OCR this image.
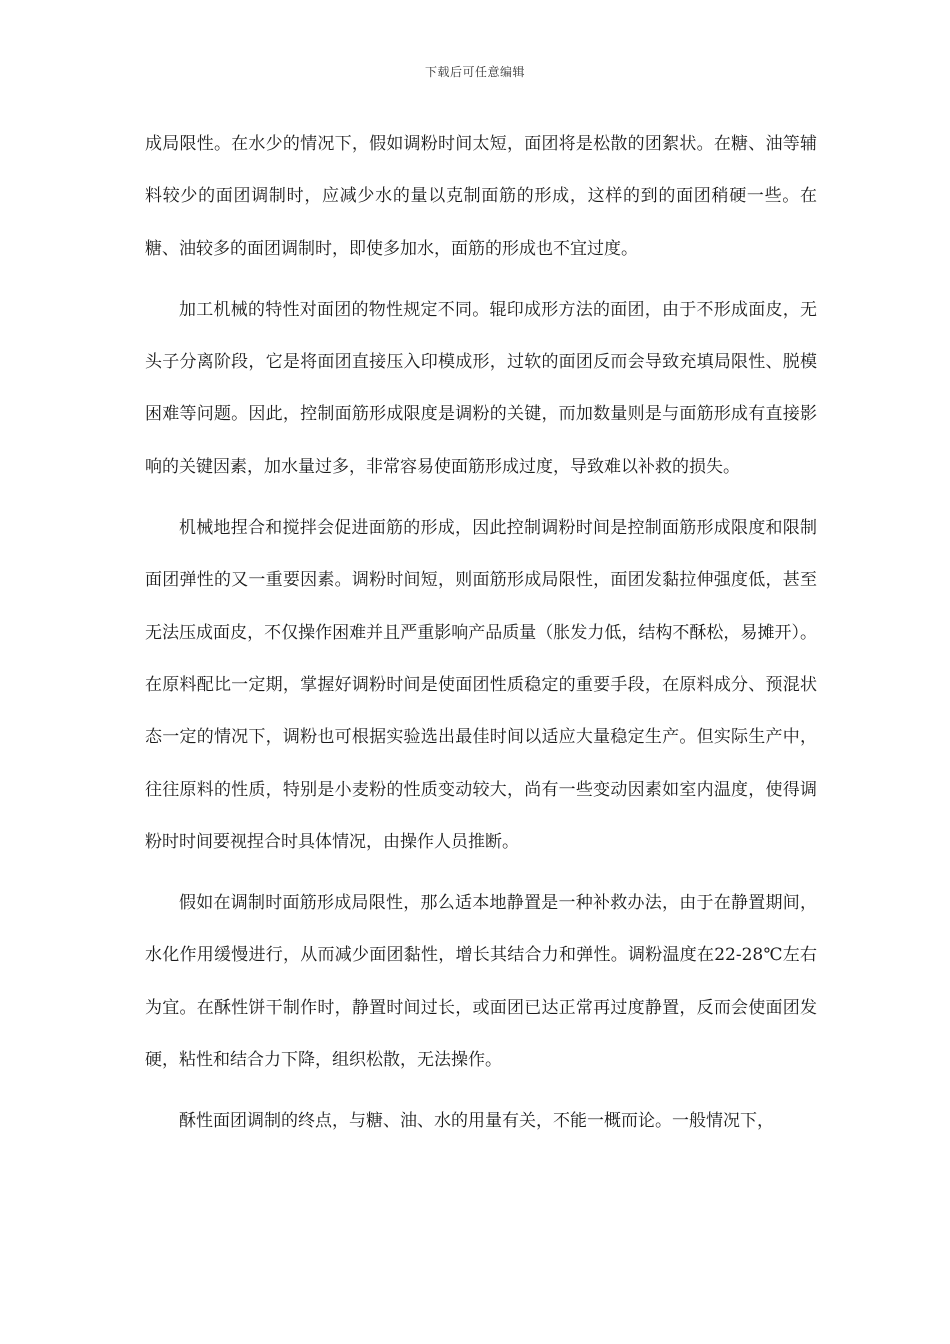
下载后可任意编辑

成局限性。在水少的情况下，假如调粉时间太短，面团将是松散的团絮状。在糖、油等辅料较少的面团调制时，应减少水的量以克制面筋的形成，这样的到的面团稍硬一些。在糖、油较多的面团调制时，即使多加水，面筋的形成也不宜过度。

加工机械的特性对面团的物性规定不同。辊印成形方法的面团，由于不形成面皮，无头子分离阶段，它是将面团直接压入印模成形，过软的面团反而会导致充填局限性、脱模困难等问题。因此，控制面筋形成限度是调粉的关键，而加数量则是与面筋形成有直接影响的关键因素，加水量过多，非常容易使面筋形成过度，导致难以补救的损失。

机械地捏合和搅拌会促进面筋的形成，因此控制调粉时间是控制面筋形成限度和限制面团弹性的又一重要因素。调粉时间短，则面筋形成局限性，面团发黏拉伸强度低，甚至无法压成面皮，不仅操作困难并且严重影响产品质量（胀发力低，结构不酥松，易摊开）。在原料配比一定期，掌握好调粉时间是使面团性质稳定的重要手段，在原料成分、预混状态一定的情况下，调粉也可根据实验选出最佳时间以适应大量稳定生产。但实际生产中，往往原料的性质，特别是小麦粉的性质变动较大，尚有一些变动因素如室内温度，使得调粉时时间要视捏合时具体情况，由操作人员推断。

假如在调制时面筋形成局限性，那么适本地静置是一种补救办法，由于在静置期间，水化作用缓慢进行，从而减少面团黏性，增长其结合力和弹性。调粉温度在22-28℃左右为宜。在酥性饼干制作时，静置时间过长，或面团已达正常再过度静置，反而会使面团发硬，粘性和结合力下降，组织松散，无法操作。

酥性面团调制的终点，与糖、油、水的用量有关，不能一概而论。一般情况下，
